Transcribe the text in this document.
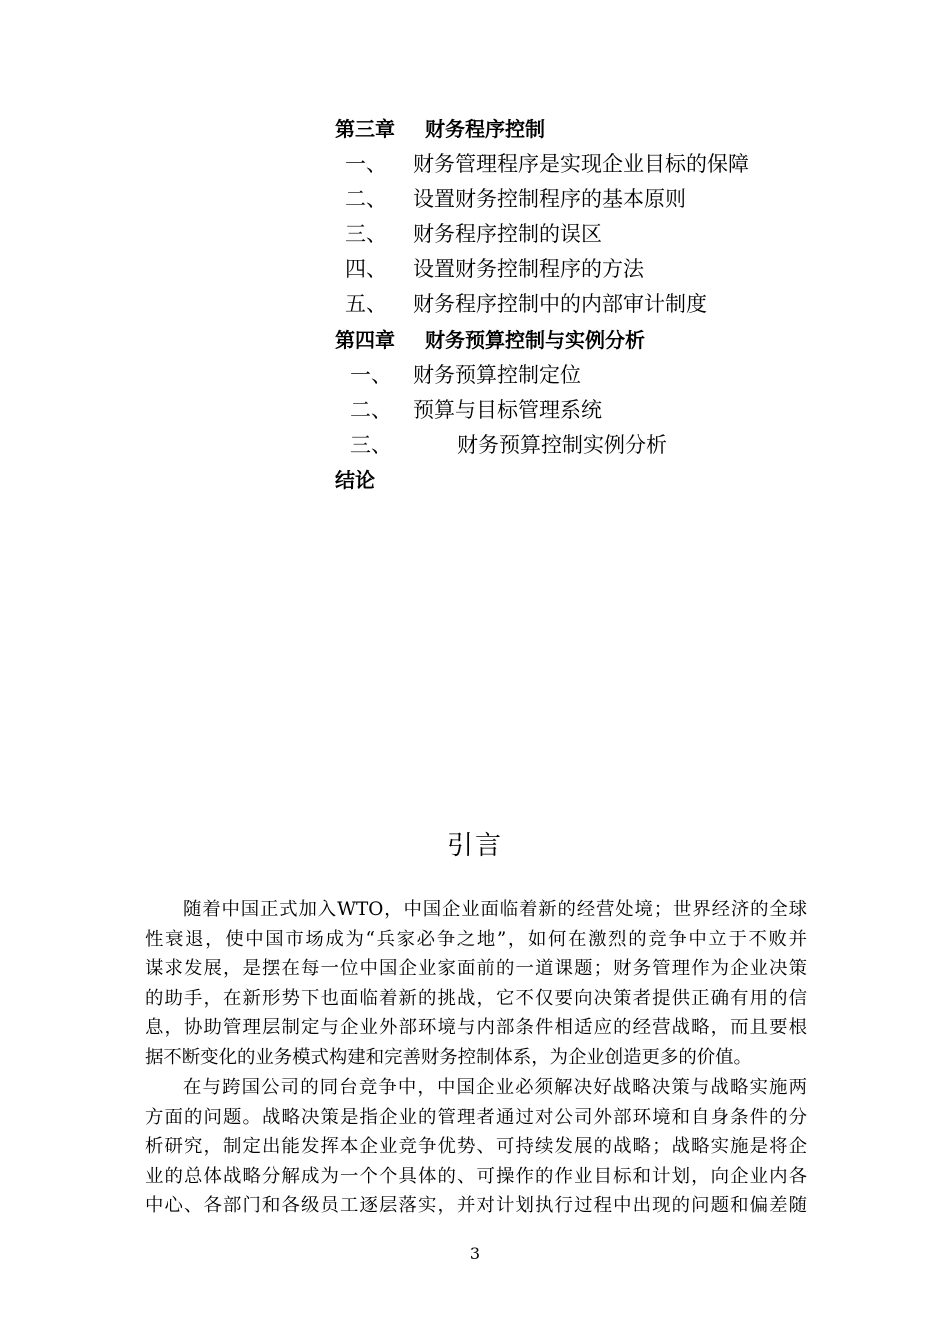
第三章 财务程序控制
一、 财务管理程序是实现企业目标的保障
二、 设置财务控制程序的基本原则
三、 财务程序控制的误区
四、 设置财务控制程序的方法
五、 财务程序控制中的内部审计制度
第四章 财务预算控制与实例分析
一、 财务预算控制定位
二、 预算与目标管理系统
三、	财务预算控制实例分析
结论
引言
随着中国正式加入WTO，中国企业面临着新的经营处境；世界经济的全球
性衰退，使中国市场成为“兵家必争之地”，如何在激烈的竞争中立于不败并
谋求发展，是摆在每一位中国企业家面前的一道课题；财务管理作为企业决策
的助手，在新形势下也面临着新的挑战，它不仅要向决策者提供正确有用的信
息，协助管理层制定与企业外部环境与内部条件相适应的经营战略，而且要根
据不断变化的业务模式构建和完善财务控制体系，为企业创造更多的价值。
在与跨国公司的同台竞争中，中国企业必须解决好战略决策与战略实施两
方面的问题。战略决策是指企业的管理者通过对公司外部环境和自身条件的分
析研究，制定出能发挥本企业竞争优势、可持续发展的战略；战略实施是将企
业的总体战略分解成为一个个具体的、可操作的作业目标和计划，向企业内各
中心、各部门和各级员工逐层落实，并对计划执行过程中出现的问题和偏差随
3
